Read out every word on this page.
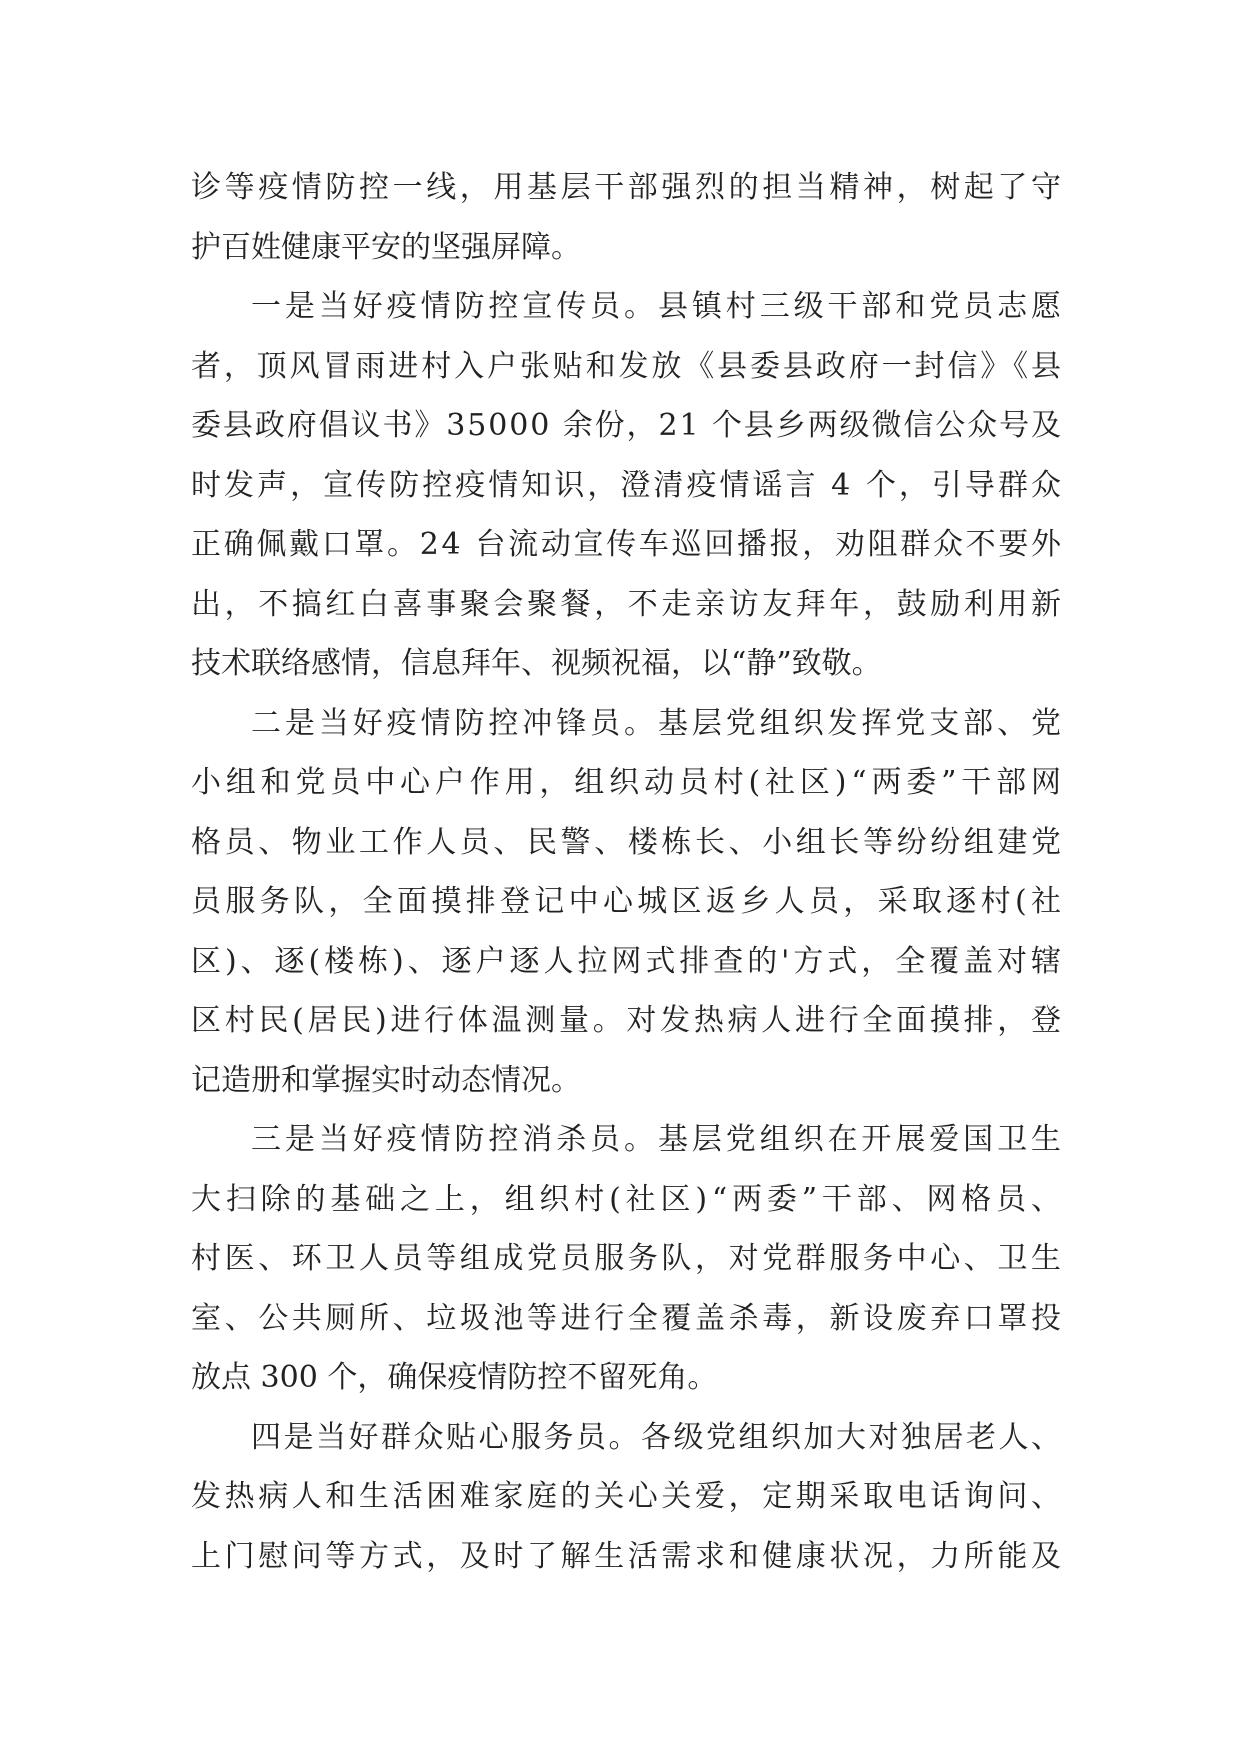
诊等疫情防控一线，用基层干部强烈的担当精神，树起了守
护百姓健康平安的坚强屏障。
一是当好疫情防控宣传员。县镇村三级干部和党员志愿
者，顶风冒雨进村入户张贴和发放《县委县政府一封信》《县
委县政府倡议书》35000 余份，21 个县乡两级微信公众号及
时发声，宣传防控疫情知识，澄清疫情谣言 4 个，引导群众
正确佩戴口罩。24 台流动宣传车巡回播报，劝阻群众不要外
出，不搞红白喜事聚会聚餐，不走亲访友拜年，鼓励利用新
技术联络感情，信息拜年、视频祝福，以“静”致敬。
二是当好疫情防控冲锋员。基层党组织发挥党支部、党
小组和党员中心户作用，组织动员村(社区)“两委”干部网
格员、物业工作人员、民警、楼栋长、小组长等纷纷组建党
员服务队，全面摸排登记中心城区返乡人员，采取逐村(社
区)、逐(楼栋)、逐户逐人拉网式排查的'方式，全覆盖对辖
区村民(居民)进行体温测量。对发热病人进行全面摸排，登
记造册和掌握实时动态情况。
三是当好疫情防控消杀员。基层党组织在开展爱国卫生
大扫除的基础之上，组织村(社区)“两委”干部、网格员、
村医、环卫人员等组成党员服务队，对党群服务中心、卫生
室、公共厕所、垃圾池等进行全覆盖杀毒，新设废弃口罩投
放点 300 个，确保疫情防控不留死角。
四是当好群众贴心服务员。各级党组织加大对独居老人、
发热病人和生活困难家庭的关心关爱，定期采取电话询问、
上门慰问等方式，及时了解生活需求和健康状况，力所能及
